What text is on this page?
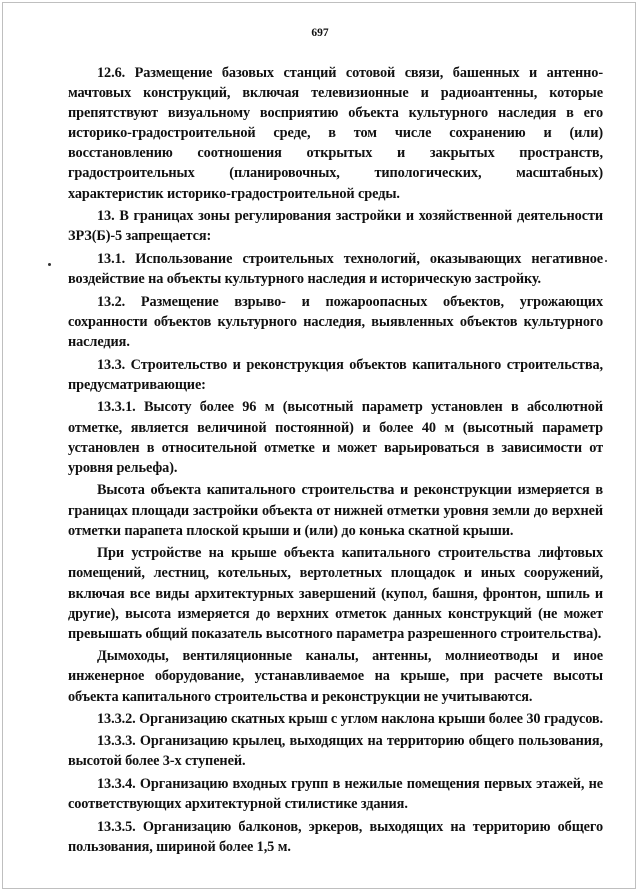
697

12.6. Размещение базовых станций сотовой связи, башенных и антенно-мачтовых конструкций, включая телевизионные и радиоантенны, которые препятствуют визуальному восприятию объекта культурного наследия в его историко-градостроительной среде, в том числе сохранению и (или) восстановлению соотношения открытых и закрытых пространств, градостроительных (планировочных, типологических, масштабных) характеристик историко-градостроительной среды.

13. В границах зоны регулирования застройки и хозяйственной деятельности ЗРЗ(Б)-5 запрещается:

13.1. Использование строительных технологий, оказывающих негативное воздействие на объекты культурного наследия и историческую застройку.

13.2. Размещение взрыво- и пожароопасных объектов, угрожающих сохранности объектов культурного наследия, выявленных объектов культурного наследия.

13.3. Строительство и реконструкция объектов капитального строительства, предусматривающие:

13.3.1. Высоту более 96 м (высотный параметр установлен в абсолютной отметке, является величиной постоянной) и более 40 м (высотный параметр установлен в относительной отметке и может варьироваться в зависимости от уровня рельефа).

Высота объекта капитального строительства и реконструкции измеряется в границах площади застройки объекта от нижней отметки уровня земли до верхней отметки парапета плоской крыши и (или) до конька скатной крыши.

При устройстве на крыше объекта капитального строительства лифтовых помещений, лестниц, котельных, вертолетных площадок и иных сооружений, включая все виды архитектурных завершений (купол, башня, фронтон, шпиль и другие), высота измеряется до верхних отметок данных конструкций (не может превышать общий показатель высотного параметра разрешенного строительства).

Дымоходы, вентиляционные каналы, антенны, молниеотводы и иное инженерное оборудование, устанавливаемое на крыше, при расчете высоты объекта капитального строительства и реконструкции не учитываются.

13.3.2. Организацию скатных крыш с углом наклона крыши более 30 градусов.

13.3.3. Организацию крылец, выходящих на территорию общего пользования, высотой более 3-х ступеней.

13.3.4. Организацию входных групп в нежилые помещения первых этажей, не соответствующих архитектурной стилистике здания.

13.3.5. Организацию балконов, эркеров, выходящих на территорию общего пользования, шириной более 1,5 м.
